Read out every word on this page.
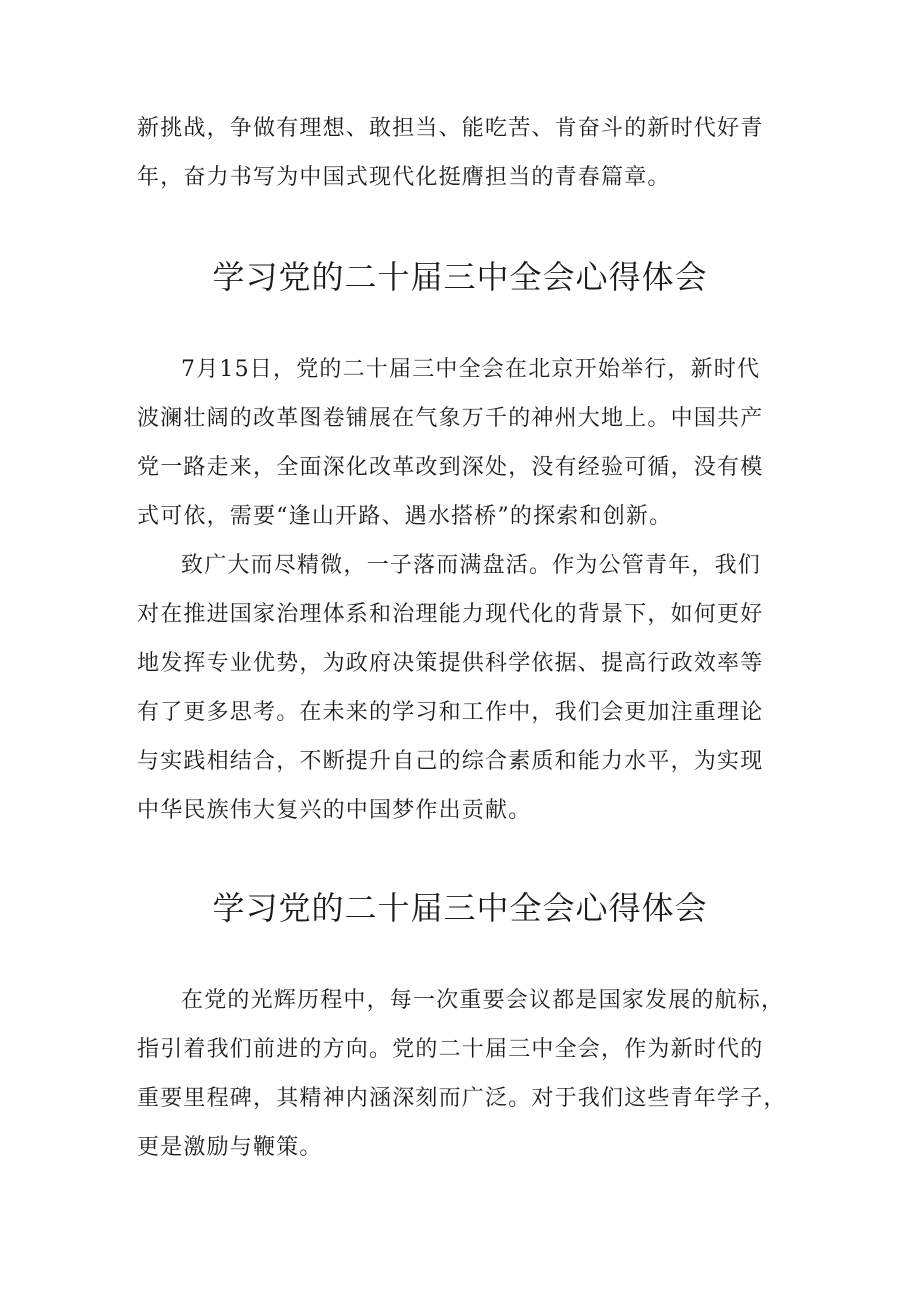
新挑战，争做有理想、敢担当、能吃苦、肯奋斗的新时代好青
年，奋力书写为中国式现代化挺膺担当的青春篇章。
学习党的二十届三中全会心得体会
7月15日，党的二十届三中全会在北京开始举行，新时代
波澜壮阔的改革图卷铺展在气象万千的神州大地上。中国共产
党一路走来，全面深化改革改到深处，没有经验可循，没有模
式可依，需要“逢山开路、遇水搭桥”的探索和创新。
致广大而尽精微，一子落而满盘活。作为公管青年，我们
对在推进国家治理体系和治理能力现代化的背景下，如何更好
地发挥专业优势，为政府决策提供科学依据、提高行政效率等
有了更多思考。在未来的学习和工作中，我们会更加注重理论
与实践相结合，不断提升自己的综合素质和能力水平，为实现
中华民族伟大复兴的中国梦作出贡献。
学习党的二十届三中全会心得体会
在党的光辉历程中，每一次重要会议都是国家发展的航标，
指引着我们前进的方向。党的二十届三中全会，作为新时代的
重要里程碑，其精神内涵深刻而广泛。对于我们这些青年学子，
更是激励与鞭策。
